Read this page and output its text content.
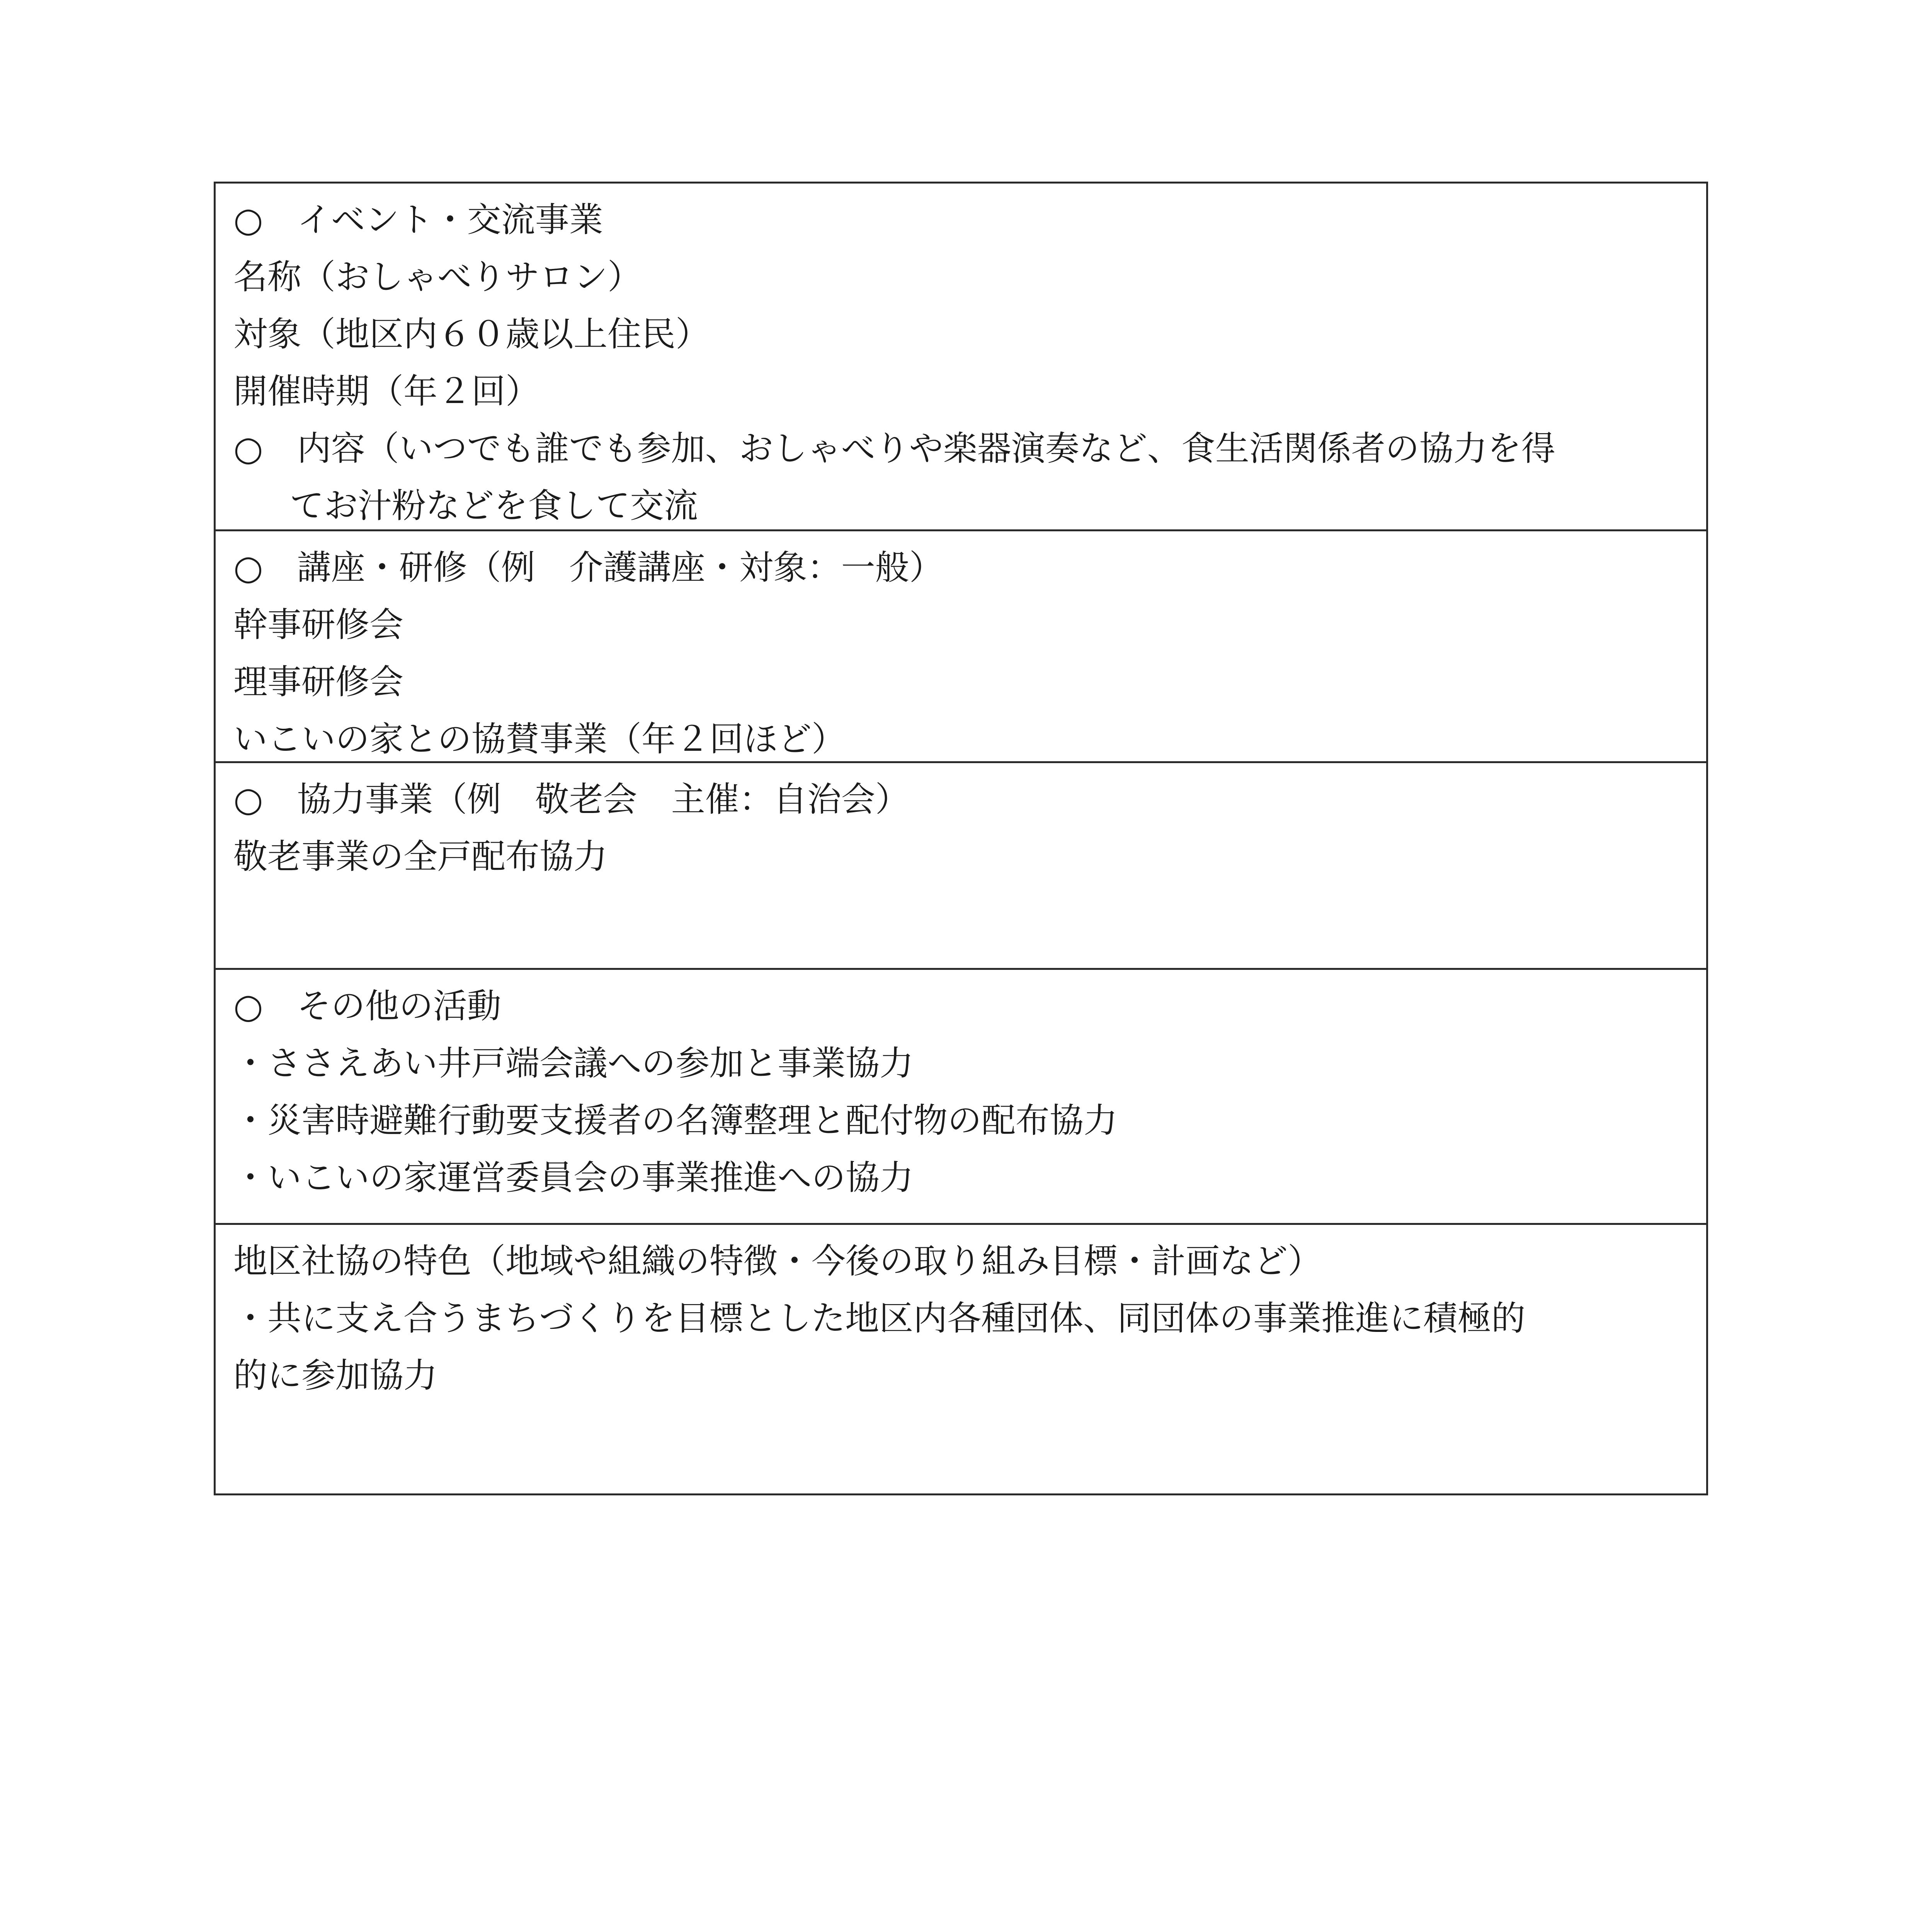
○　イベント・交流事業
名称（おしゃべりサロン）
対象（地区内６０歳以上住民）
開催時期（年２回）
○　内容（いつでも誰でも参加、おしゃべりや楽器演奏など、食生活関係者の協力を得
てお汁粉などを食して交流
○　講座・研修（例　介護講座・対象：一般）
幹事研修会
理事研修会
いこいの家との協賛事業（年２回ほど）
○　協力事業（例　敬老会　主催：自治会）
敬老事業の全戸配布協力
○　その他の活動
・ささえあい井戸端会議への参加と事業協力
・災害時避難行動要支援者の名簿整理と配付物の配布協力
・いこいの家運営委員会の事業推進への協力
地区社協の特色（地域や組織の特徴・今後の取り組み目標・計画など）
・共に支え合うまちづくりを目標とした地区内各種団体、同団体の事業推進に積極的
的に参加協力
